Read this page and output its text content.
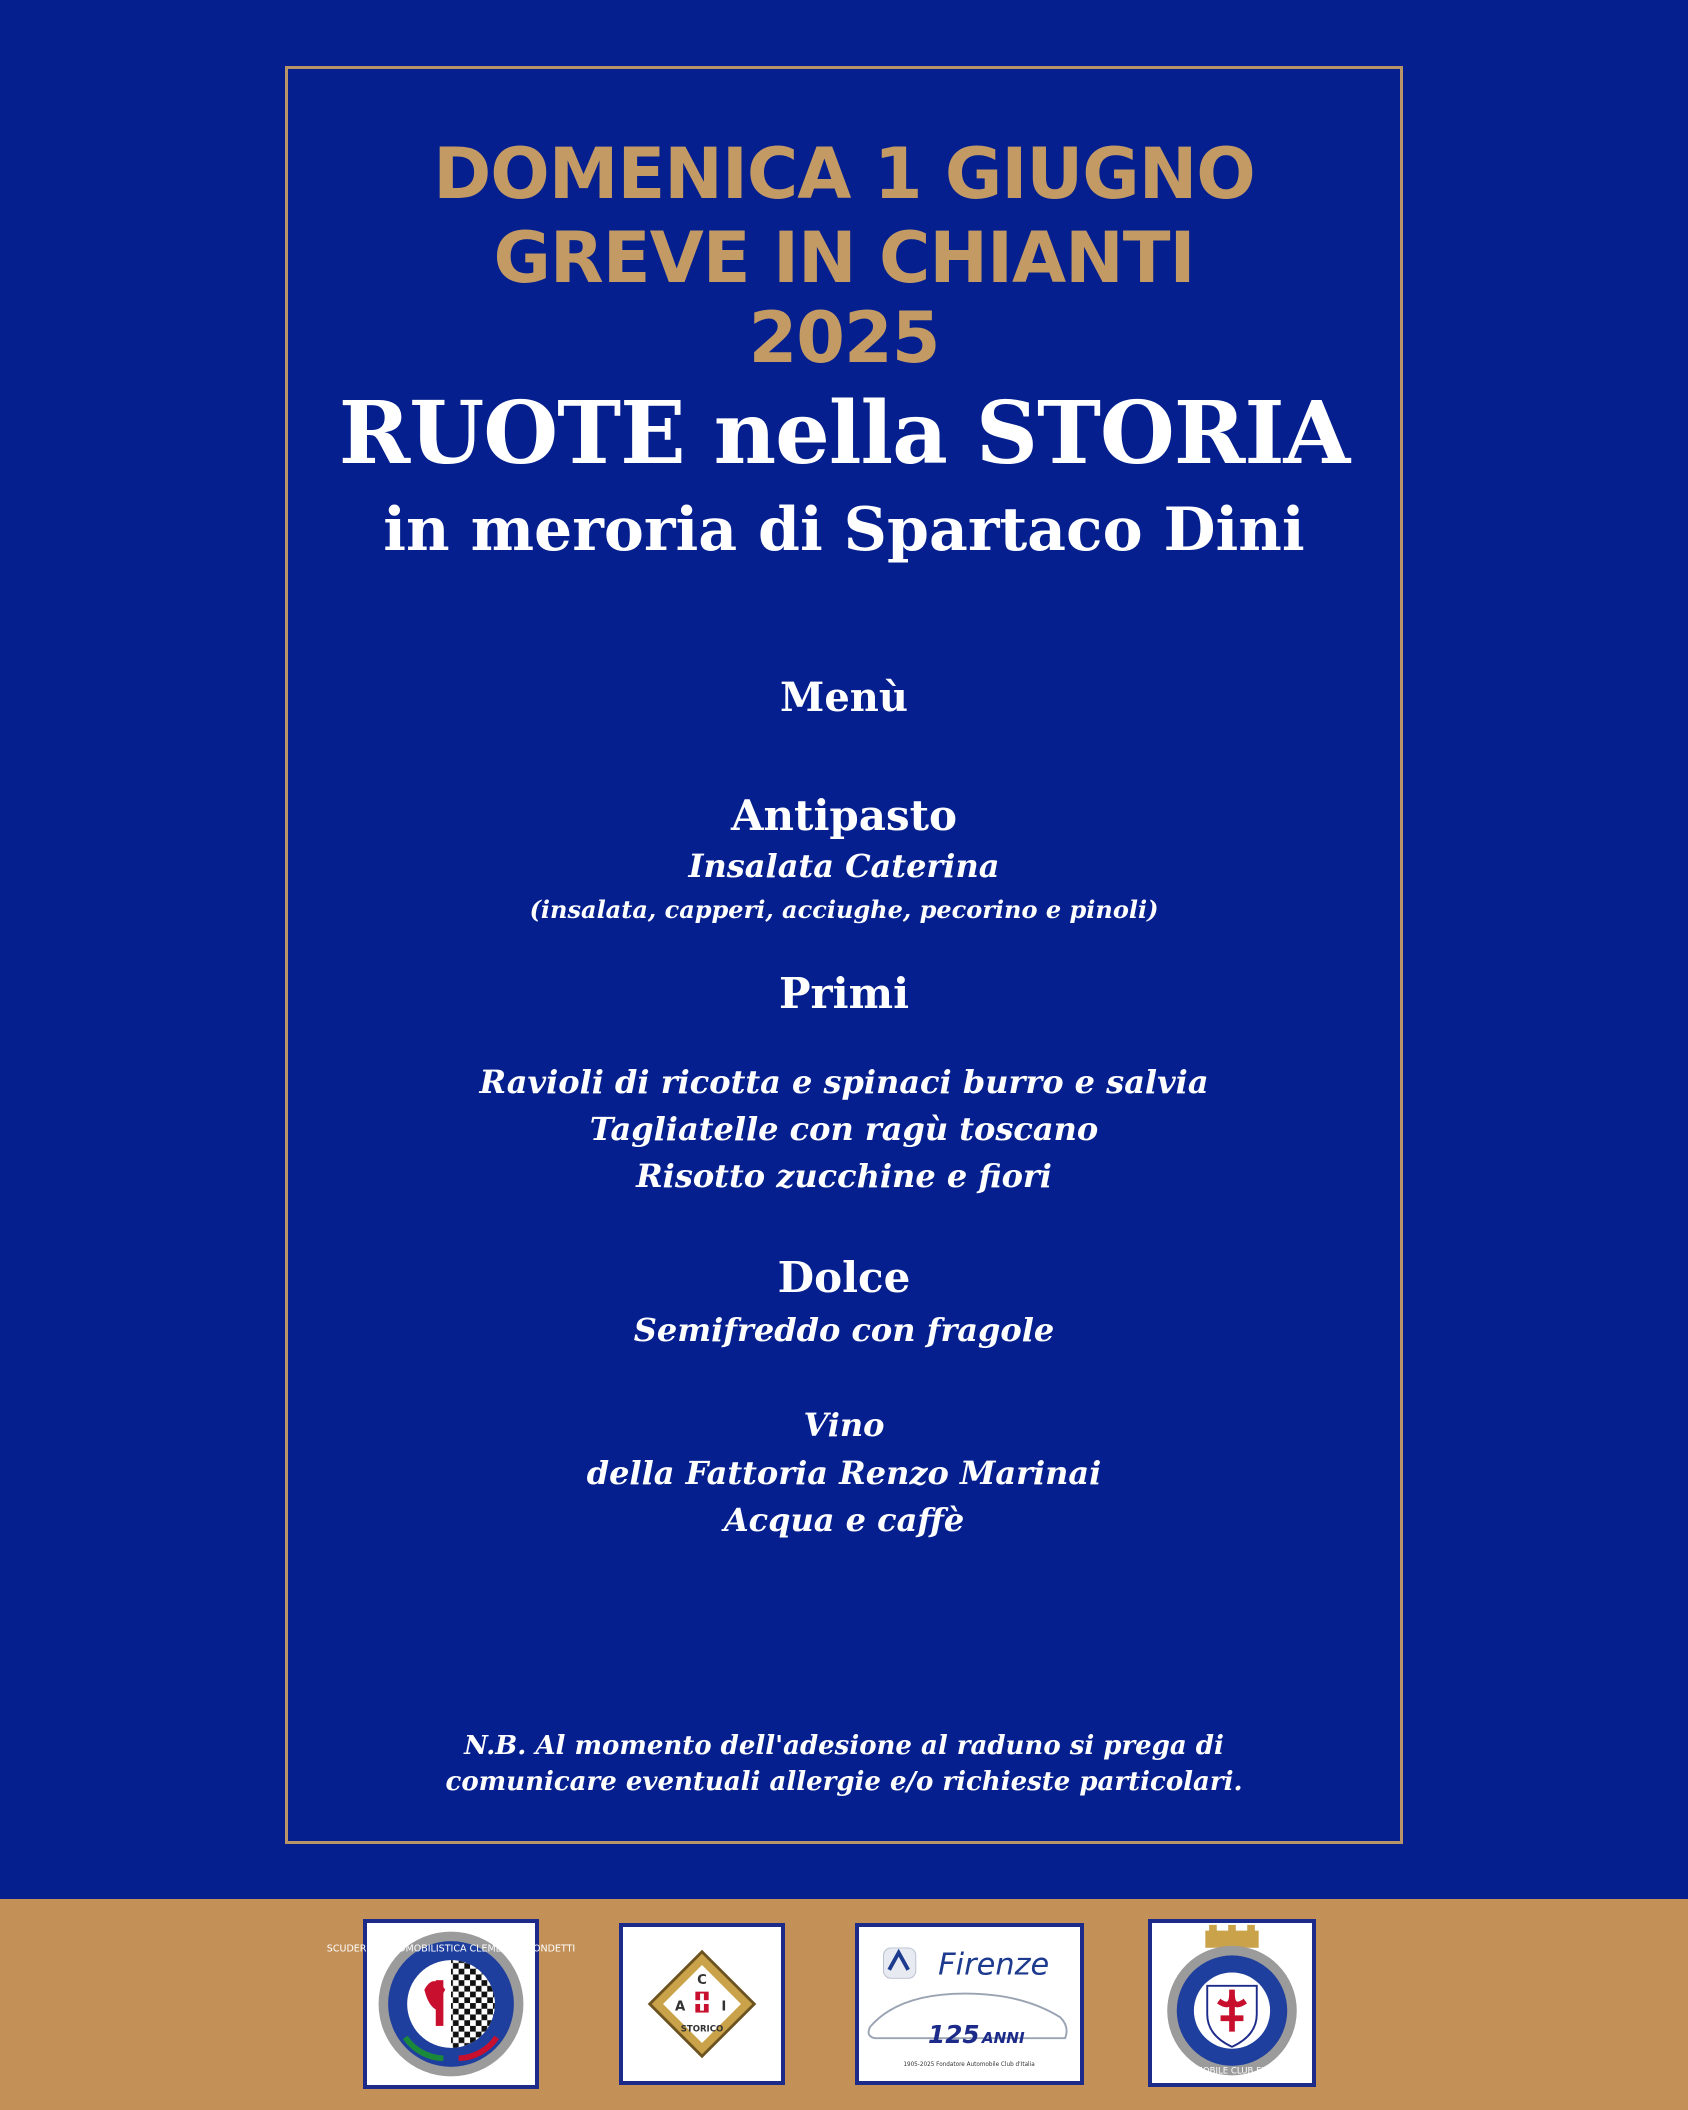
DOMENICA 1 GIUGNO
GREVE IN CHIANTI
2025
RUOTE nella STORIA
in meroria di Spartaco Dini
Menù
Antipasto
Insalata Caterina
(insalata, capperi, acciughe, pecorino e pinoli)
Primi
Ravioli di ricotta e spinaci burro e salvia
Tagliatelle con ragù toscano
Risotto zucchine e fiori
Dolce
Semifreddo con fragole
Vino
della Fattoria Renzo Marinai
Acqua e caffè
N.B. Al momento dell'adesione al raduno si prega di
comunicare eventuali allergie e/o richieste particolari.
SCUDERIA AUTOMOBILISTICA CLEMENTE BIONDETTI
A
C
I
STORICO
Firenze
125 ANNI
1905-2025 Fondatore Automobile Club d'Italia
AUTOMOBILE CLUB FIRENZE
